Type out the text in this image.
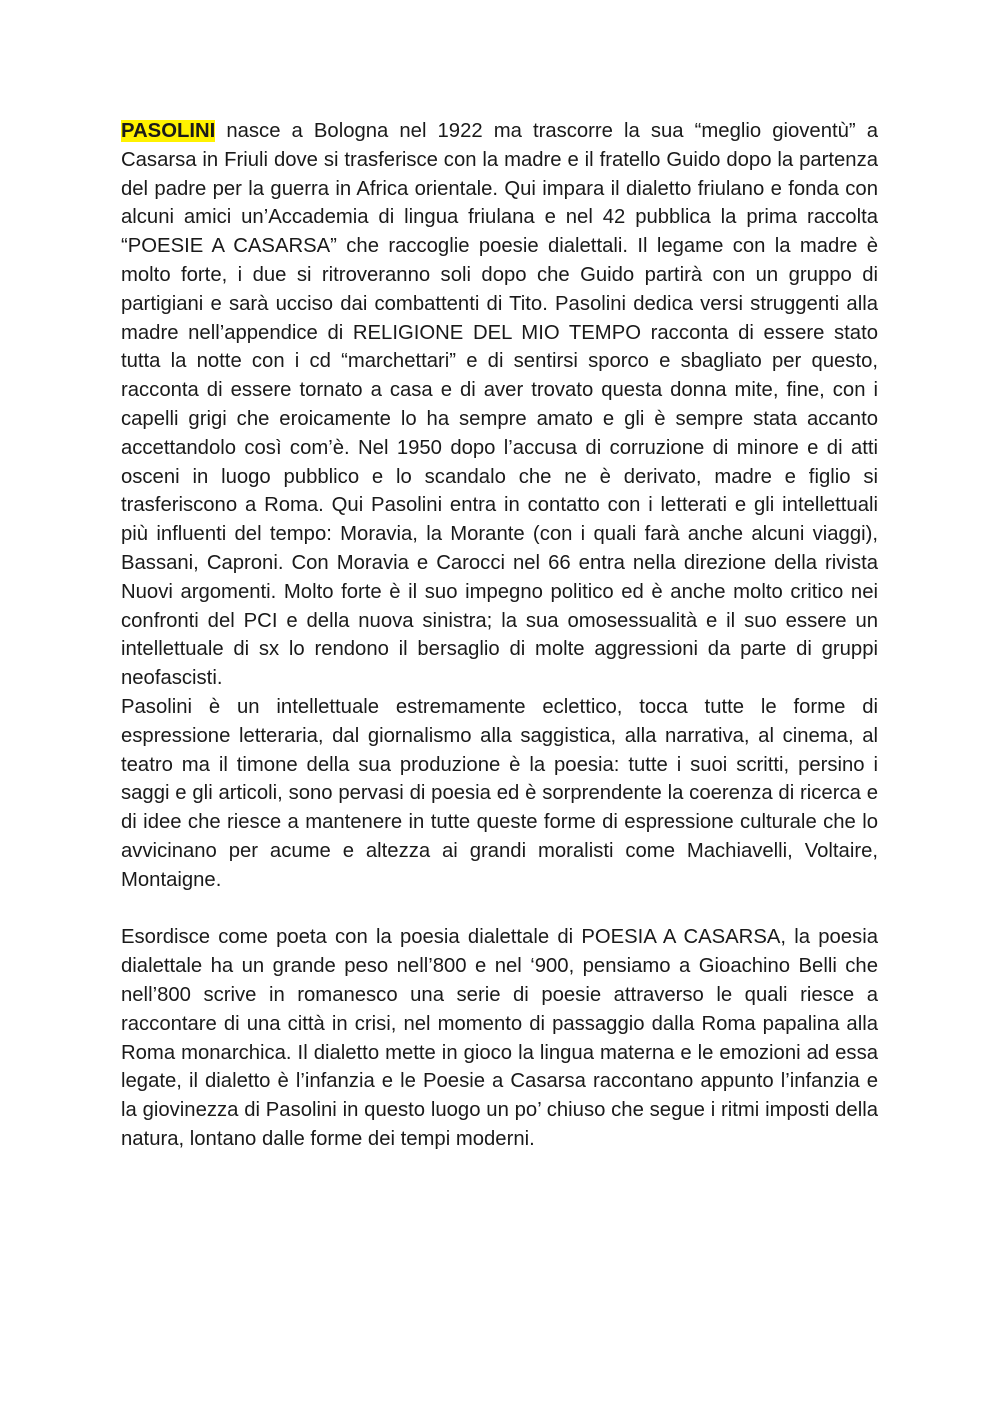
PASOLINI nasce a Bologna nel 1922 ma trascorre la sua “meglio gioventù” a Casarsa in Friuli dove si trasferisce con la madre e il fratello Guido dopo la partenza del padre per la guerra in Africa orientale. Qui impara il dialetto friulano e fonda con alcuni amici un’Accademia di lingua friulana e nel 42 pubblica la prima raccolta “POESIE A CASARSA” che raccoglie poesie dialettali. Il legame con la madre è molto forte, i due si ritroveranno soli dopo che Guido partirà con un gruppo di partigiani e sarà ucciso dai combattenti di Tito. Pasolini dedica versi struggenti alla madre nell’appendice di RELIGIONE DEL MIO TEMPO racconta di essere stato tutta la notte con i cd “marchettari” e di sentirsi sporco e sbagliato per questo, racconta di essere tornato a casa e di aver trovato questa donna mite, fine, con i capelli grigi che eroicamente lo ha sempre amato e gli è sempre stata accanto accettandolo così com’è. Nel 1950 dopo l’accusa di corruzione di minore e di atti osceni in luogo pubblico e lo scandalo che ne è derivato, madre e figlio si trasferiscono a Roma. Qui Pasolini entra in contatto con i letterati e gli intellettuali più influenti del tempo: Moravia, la Morante (con i quali farà anche alcuni viaggi), Bassani, Caproni. Con Moravia e Carocci nel 66 entra nella direzione della rivista Nuovi argomenti. Molto forte è il suo impegno politico ed è anche molto critico nei confronti del PCI e della nuova sinistra; la sua omosessualità e il suo essere un intellettuale di sx lo rendono il bersaglio di molte aggressioni da parte di gruppi neofascisti.

Pasolini è un intellettuale estremamente eclettico, tocca tutte le forme di espressione letteraria, dal giornalismo alla saggistica, alla narrativa, al cinema, al teatro ma il timone della sua produzione è la poesia: tutte i suoi scritti, persino i saggi e gli articoli, sono pervasi di poesia ed è sorprendente la coerenza di ricerca e di idee che riesce a mantenere in tutte queste forme di espressione culturale che lo avvicinano per acume e altezza ai grandi moralisti come Machiavelli, Voltaire, Montaigne.

Esordisce come poeta con la poesia dialettale di POESIA A CASARSA, la poesia dialettale ha un grande peso nell’800 e nel ‘900, pensiamo a Gioachino Belli che nell’800 scrive in romanesco una serie di poesie attraverso le quali riesce a raccontare di una città in crisi, nel momento di passaggio dalla Roma papalina alla Roma monarchica. Il dialetto mette in gioco la lingua materna e le emozioni ad essa legate, il dialetto è l’infanzia e le Poesie a Casarsa raccontano appunto l’infanzia e la giovinezza di Pasolini in questo luogo un po’ chiuso che segue i ritmi imposti della natura, lontano dalle forme dei tempi moderni.
